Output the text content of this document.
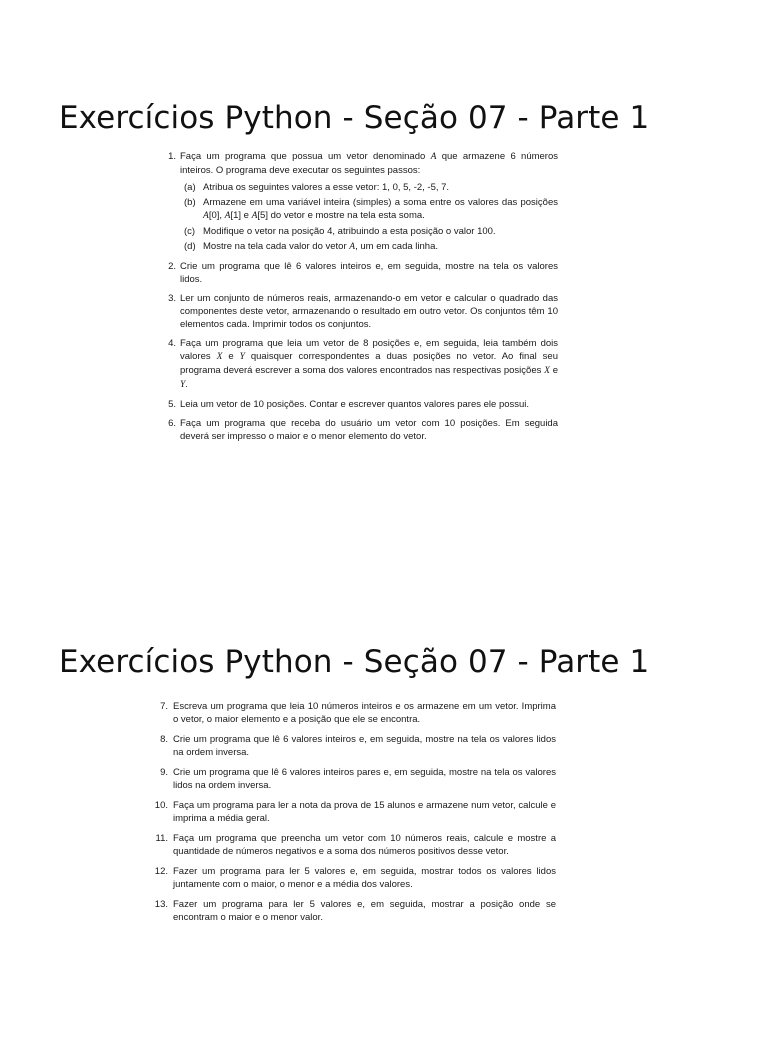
Exercícios Python - Seção 07 - Parte 1
1. Faça um programa que possua um vetor denominado A que armazene 6 números inteiros. O programa deve executar os seguintes passos:
(a) Atribua os seguintes valores a esse vetor: 1, 0, 5, -2, -5, 7.
(b) Armazene em uma variável inteira (simples) a soma entre os valores das posições A[0], A[1] e A[5] do vetor e mostre na tela esta soma.
(c) Modifique o vetor na posição 4, atribuindo a esta posição o valor 100.
(d) Mostre na tela cada valor do vetor A, um em cada linha.
2. Crie um programa que lê 6 valores inteiros e, em seguida, mostre na tela os valores lidos.
3. Ler um conjunto de números reais, armazenando-o em vetor e calcular o quadrado das componentes deste vetor, armazenando o resultado em outro vetor. Os conjuntos têm 10 elementos cada. Imprimir todos os conjuntos.
4. Faça um programa que leia um vetor de 8 posições e, em seguida, leia também dois valores X e Y quaisquer correspondentes a duas posições no vetor. Ao final seu programa deverá escrever a soma dos valores encontrados nas respectivas posições X e Y.
5. Leia um vetor de 10 posições. Contar e escrever quantos valores pares ele possui.
6. Faça um programa que receba do usuário um vetor com 10 posições. Em seguida deverá ser impresso o maior e o menor elemento do vetor.
Exercícios Python - Seção 07 - Parte 1
7. Escreva um programa que leia 10 números inteiros e os armazene em um vetor. Imprima o vetor, o maior elemento e a posição que ele se encontra.
8. Crie um programa que lê 6 valores inteiros e, em seguida, mostre na tela os valores lidos na ordem inversa.
9. Crie um programa que lê 6 valores inteiros pares e, em seguida, mostre na tela os valores lidos na ordem inversa.
10. Faça um programa para ler a nota da prova de 15 alunos e armazene num vetor, calcule e imprima a média geral.
11. Faça um programa que preencha um vetor com 10 números reais, calcule e mostre a quantidade de números negativos e a soma dos números positivos desse vetor.
12. Fazer um programa para ler 5 valores e, em seguida, mostrar todos os valores lidos juntamente com o maior, o menor e a média dos valores.
13. Fazer um programa para ler 5 valores e, em seguida, mostrar a posição onde se encontram o maior e o menor valor.
